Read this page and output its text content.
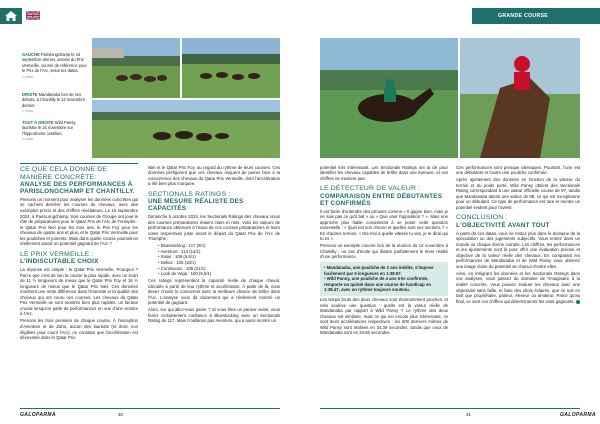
GRANDE COURSE
GAUCHE Parislongchamp le 15 septembre dernier, arrivée du Prix Vermeille, course de référence pour le Prix de l'Arc, selon les datas.
© APRH
DROITE Mandanaba lors de ses débuts, à Chantilly le 12 novembre dernier.
© APRH
TOUT À DROITE Wild Pansy, lauréate le 15 novembre sur l'hippodrome cantilien.
© APRH
CE QUE CELA DONNE DE MANIÈRE CONCRÈTE:
ANALYSE DES PERFORMANCES À PARISLONGCHAMP ET CHANTILLY.

Prenons un moment pour analyser les données concrètes qui se cachent derrière les courses de chevaux, avec des exemples précis et des chiffres révélateurs. Le 15 septembre 2024, à ParisLongchamp, trois courses de Groupe ont joué le rôle de préparatoires pour le Qatar Prix de l'Arc de Triomphe : le Qatar Prix Niel pour les trois ans, le Prix Foy pour les chevaux de quatre ans et plus, et le Qatar Prix Vermeille pour les pouliches et juments. Mais dans quelle course pourrait-on réellement savoir un potentiel gagnant de l'Arc ?

LE PRIX VERMEILLE :
L'INDISCUTABLE CHOIX

La réponse est simple : le Qatar Prix Vermeille. Pourquoi ? Parce que c'est de loin la course la plus rapide, avec un écart de 11 ½ longueurs de mieux que le Qatar Prix Foy et 16 ½ longueurs de mieux que le Qatar Prix Niel. Ces données montrent une nette différence dans l'intensité et la qualité des chevaux qui ont couru ces courses. Les chevaux du Qatar Prix Vermeille se sont montrés bien plus rapides, un facteur crucial lorsqu'on parle de performances en vue d'une victoire à l'Arc.

Prenons les trois premiers de chaque course. À l'exception d'Aventure et de Zaho, aucun des lauréats (et donc non éligibles pour courir l'Arc), on constate que l'accélération est décevante dans le Qatar Prix

Niel et le Qatar Prix Foy, au regard du rythme de leurs courses. Ces données préfigurent que ces chevaux risquent de peiner face à la concurrence des chevaux du Qatar Prix Vermeille, dont l'accélération a été bien plus marquée.

SECTIONALS RATINGS :
UNE MESURE RÉALISTE DES CAPACITÉS

Dimanche 6 octobre 2024, les Sectionals Ratings des chevaux issus des courses préparatoires étaient clairs et nets. Voici les valeurs de performance obtenues à l'issue de ces courses préparatoires et leurs cotes respectives juste avant le départ du Qatar Prix de l'Arc de Triomphe :

• Bluestocking : 117 (9/1)
• Aventure : 113 (12/1)
• Sosie : 106 (6,6/1)
• Delius : 106 (18/1)
• Continuous : 105 (21/1)
• Look de Vega : 100 (6,5/1)

Ces ratings représentent la capacité réelle de chaque cheval, calculée à partir de leur rythme et accélération. À partir de là, vous devez choisir le concurrent avec la meilleure chance de briller dans l'Arc. L'analyse vous dit clairement qui a réellement montré un potentiel de gagnant.

Alors, sur qui allez-vous parier ? Si vous êtes un parieur avisé, vous feriez certainement confiance à Bluestocking avec un Sectionals Rating de 117. Mais n'oublions pas Aventure, qui a aussi montré un

potentiel très intéressant. Les Sectionals Ratings ont la clé pour identifier les chevaux capables de briller dans une épreuve, et ces chiffres ne mentent pas.

LE DÉTECTEUR DE VALEUR :
COMPARAISON ENTRE DÉBUTANTES ET CONFIRMÉS

Il est facile d'entendre des phrases comme « Il gagne bien, mais je ne sais pas ce qu'il bat » ou « Que vaut l'opposition ? ». Mais une approche plus fiable consisterait à se poser cette question essentielle : « Quel est son chrono et quelles sont ses sections ? » En d'autres termes, « Dis-moi à quelle vitesse tu vas, je te dirai qui tu es ».

Prenons un exemple concret lors de la réunion du 12 novembre à Chantilly : un cas d'école qui illustre parfaitement le lever réalité d'une performance.

• Mandanaba, une pouliche de 2 ans inédite, s'impose facilement par 5 longueurs en 1:38.57.
• Wild Pansy, une pouliche de 4 ans très confirmée, remporte un quinté dans une course de handicap en 1:38.47, avec un rythme toujours soutenu.

Les temps bruts des deux chevaux sont étonnamment proches, et cela soulève une question : quelle est la valeur réelle de Mandanaba par rapport à Wild Pansy ? Le rythme des deux chevaux est similaire, mais ce qui est encore plus intéressant, ce sont leurs accélérations respectives : les 600 derniers mètres de Wild Pansy sont réalisés en 34.39 secondes, tandis que ceux de Mandanaba sont en 34.66 secondes.

Ces performances sont presque identiques. Pourtant, l'une est une débutante et l'autre une pouliche confirmée.

Après ajustement des données en fonction de la vitesse du terrain et du poids porté, Wild Pansy obtient des Sectionals Rating correspondant à une valeur officielle course de 97, tandis que Mandanaba atteint une valeur de 88, ce qui est exceptionne pour un débutant. Ce type de performance est rare et montre un potentiel évident pour l'avenir.

CONCLUSION :
L'OBJECTIVITÉ AVANT TOUT

À partir de ces datas, vous ne restez plus dans le domaine de la spéculation ou des jugements subjectifs. Vous entrez dans un monde où chaque donne compte. Les chiffres, les performances et les ajustements sont là pour offrir une évaluation précise et objective de la valeur réelle des chevaux. En comparant les performances de Mandanaba et de Wild Pansy vous obtenez une image claire du potentiel de chacun d'entre elles.

Ainsi, en intégrant les données et les Sectionals Ratings dans vos analyses, vous passez du domaine de l'imaginaire à la réalité concrète. Vous pouvez évaluer les chevaux avec une objectivité sans faille, et faire des choix éclairés, que ce soit en tant que propriétaire, parieur, éleveur ou amateur. Parce qu'au final, ce sont ces chiffres qui détermineront les vrais gagnants.

GALOPARMA	30	31	GALOPARMA
